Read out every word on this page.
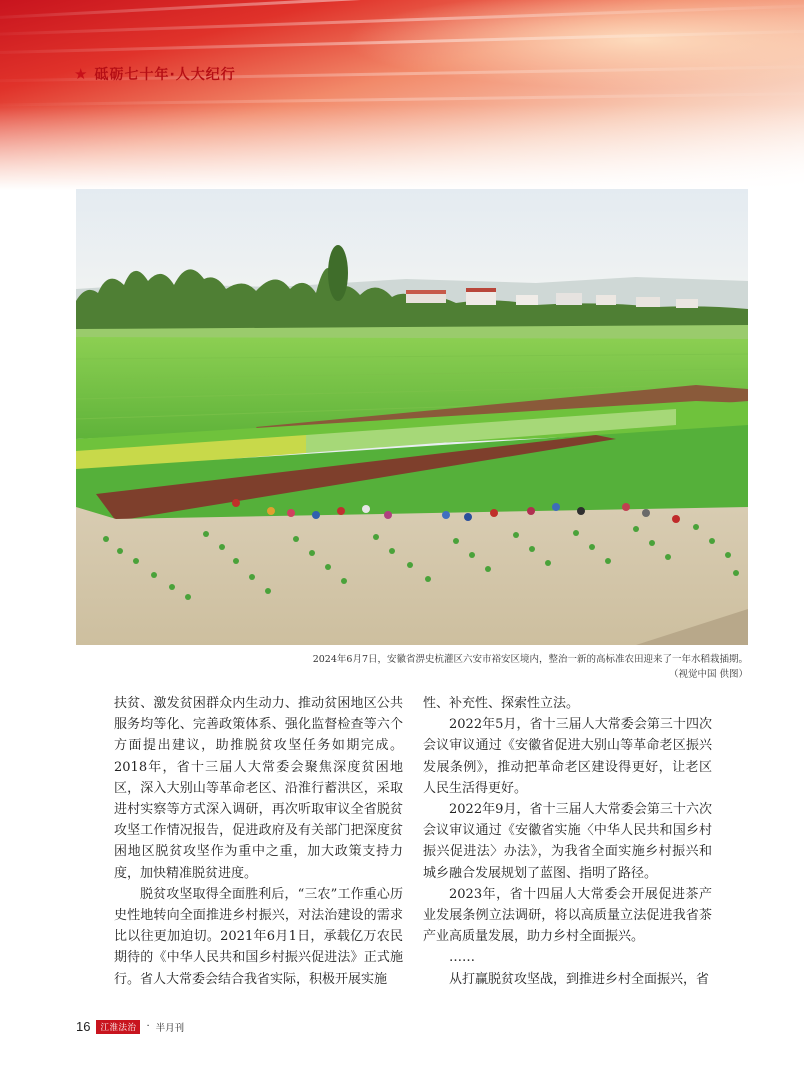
★ 砥砺七十年·人大纪行
2024年6月7日，安徽省淠史杭灌区六安市裕安区境内，整治一新的高标准农田迎来了一年水稻栽插期。
（视觉中国 供图）

扶贫、激发贫困群众内生动力、推动贫困地区公共服务均等化、完善政策体系、强化监督检查等六个方面提出建议，助推脱贫攻坚任务如期完成。2018年，省十三届人大常委会聚焦深度贫困地区，深入大别山等革命老区、沿淮行蓄洪区，采取进村实察等方式深入调研，再次听取审议全省脱贫攻坚工作情况报告，促进政府及有关部门把深度贫困地区脱贫攻坚作为重中之重，加大政策支持力度，加快精准脱贫进度。

脱贫攻坚取得全面胜利后，“三农”工作重心历史性地转向全面推进乡村振兴，对法治建设的需求比以往更加迫切。2021年6月1日，承载亿万农民期待的《中华人民共和国乡村振兴促进法》正式施行。省人大常委会结合我省实际，积极开展实施

性、补充性、探索性立法。

2022年5月，省十三届人大常委会第三十四次会议审议通过《安徽省促进大别山等革命老区振兴发展条例》，推动把革命老区建设得更好，让老区人民生活得更好。

2022年9月，省十三届人大常委会第三十六次会议审议通过《安徽省实施〈中华人民共和国乡村振兴促进法〉办法》，为我省全面实施乡村振兴和城乡融合发展规划了蓝图、指明了路径。

2023年，省十四届人大常委会开展促进茶产业发展条例立法调研，将以高质量立法促进我省茶产业高质量发展，助力乡村全面振兴。

……

从打赢脱贫攻坚战，到推进乡村全面振兴，省

16	江淮法治	· 半月刊
